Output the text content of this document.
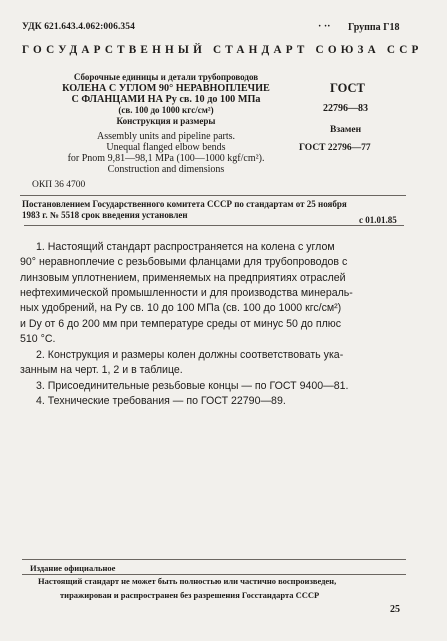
УДК 621.643.4.062:006.354	· ·· Группа Г18
ГОСУДАРСТВЕННЫЙ СТАНДАРТ СОЮЗА ССР
Сборочные единицы и детали трубопроводов
КОЛЕНА С УГЛОМ 90° НЕРАВНОПЛЕЧИЕ
С ФЛАНЦАМИ НА Pу св. 10 до 100 МПа
(св. 100 до 1000 кгс/см²)
Конструкция и размеры
Assembly units and pipeline parts.
Unequal flanged elbow bends
for Pnom 9,81—98,1 MPa (100—1000 kgf/cm²).
Construction and dimensions
ГОСТ
22796—83
Взамен
ГОСТ 22796—77
ОКП 36 4700
Постановлением Государственного комитета СССР по стандартам от 25 ноября
1983 г. № 5518 срок введения установлен	с 01.01.85
1. Настоящий стандарт распространяется на колена с углом
90° неравноплечие с резьбовыми фланцами для трубопроводов с
линзовым уплотнением, применяемых на предприятиях отраслей
нефтехимической промышленности и для производства минераль-
ных удобрений, на Pу св. 10 до 100 МПа (св. 100 до 1000 кгс/см²)
и Dу от 6 до 200 мм при температуре среды от минус 50 до плюс
510 °С.
2. Конструкция и размеры колен должны соответствовать ука-
занным на черт. 1, 2 и в таблице.
3. Присоединительные резьбовые концы — по ГОСТ 9400—81.
4. Технические требования — по ГОСТ 22790—89.
Издание официальное
Настоящий стандарт не может быть полностью или частично воспроизведен,
тиражирован и распространен без разрешения Госстандарта СССР
25
